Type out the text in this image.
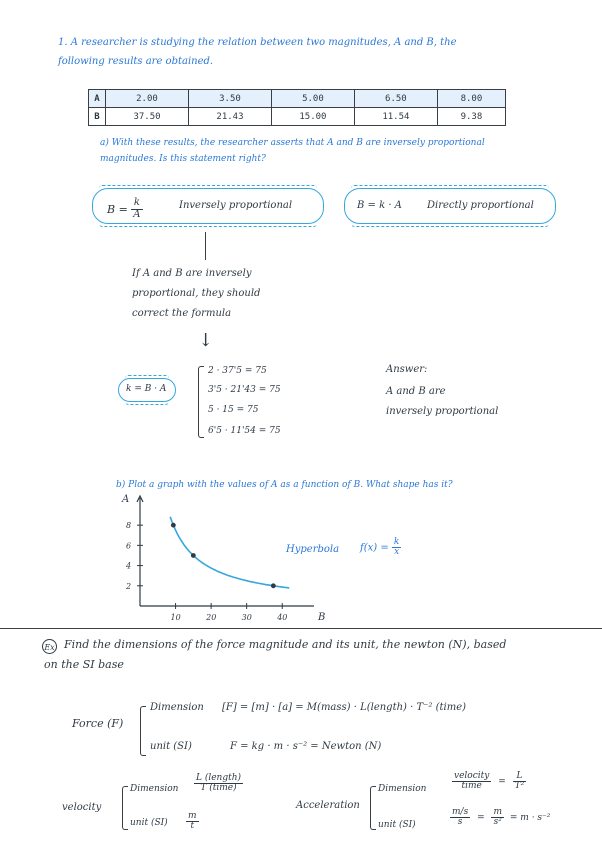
1. A researcher is studying the relation between two magnitudes, A and B, the
following results are obtained.
A	2.00	3.50	5.00	6.50	8.00
B	37.50	21.43	15.00	11.54	9.38
a) With these results, the researcher asserts that A and B are inversely proportional
magnitudes. Is this statement right?
$B = \frac{k}{A}$	Inversely proportional	B = k · A	Directly proportional
If A and B are inversely
proportional, they should
correct the formula
↓
k = B · A
2 · 37'5 = 75
3'5 · 21'43 = 75
5 · 15 = 75
6'5 · 11'54 = 75
Answer:
A and B are
inversely proportional
b) Plot a graph with the values of A as a function of B. What shape has it?
B
A
10	20	30	40
2
4
6
8
Hyperbola $f(x) = \frac{k}{x}$
Ex Find the dimensions of the force magnitude and its unit, the newton (N), based
on the SI base
Force (F)
Dimension [F] = [m] · [a] = M(mass) · L(length) · T⁻² (time)
unit (SI)	F = kg · m · s⁻² = Newton (N)
velocity
Dimension $\frac{\text{L (length)}}{\text{T (time)}}$
unit $(SI) \frac{m}{t}$
Acceleration
Dimension	$\frac{\text{velocity}}{\text{time}} = \frac{L}{\text{T²}}$
unit (SI)	$\frac{m/s}{s} = \frac{m}{\text{s²}} = m \cdot s^{-2}$
